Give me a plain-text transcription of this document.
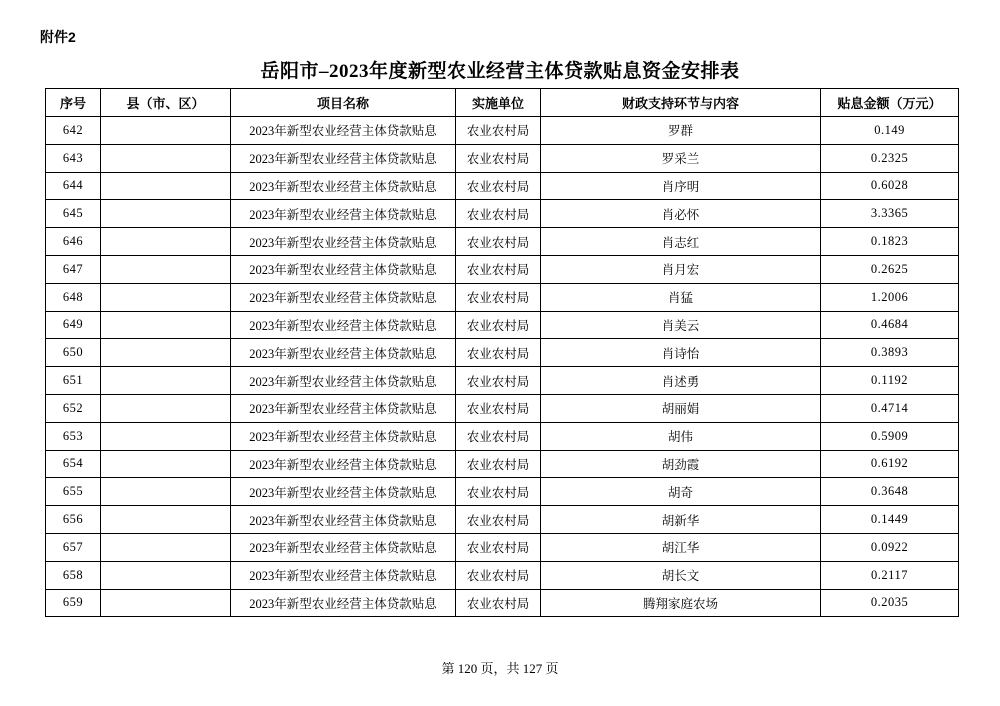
附件2
岳阳市–2023年度新型农业经营主体贷款贴息资金安排表
序号	县（市、区）	项目名称	实施单位	财政支持环节与内容	贴息金额（万元）
642		2023年新型农业经营主体贷款贴息	农业农村局	罗群	0.149
643		2023年新型农业经营主体贷款贴息	农业农村局	罗采兰	0.2325
644		2023年新型农业经营主体贷款贴息	农业农村局	肖序明	0.6028
645		2023年新型农业经营主体贷款贴息	农业农村局	肖必怀	3.3365
646		2023年新型农业经营主体贷款贴息	农业农村局	肖志红	0.1823
647		2023年新型农业经营主体贷款贴息	农业农村局	肖月宏	0.2625
648		2023年新型农业经营主体贷款贴息	农业农村局	肖猛	1.2006
649		2023年新型农业经营主体贷款贴息	农业农村局	肖美云	0.4684
650		2023年新型农业经营主体贷款贴息	农业农村局	肖诗怡	0.3893
651		2023年新型农业经营主体贷款贴息	农业农村局	肖述勇	0.1192
652		2023年新型农业经营主体贷款贴息	农业农村局	胡丽娟	0.4714
653		2023年新型农业经营主体贷款贴息	农业农村局	胡伟	0.5909
654		2023年新型农业经营主体贷款贴息	农业农村局	胡劲霞	0.6192
655		2023年新型农业经营主体贷款贴息	农业农村局	胡奇	0.3648
656		2023年新型农业经营主体贷款贴息	农业农村局	胡新华	0.1449
657		2023年新型农业经营主体贷款贴息	农业农村局	胡江华	0.0922
658		2023年新型农业经营主体贷款贴息	农业农村局	胡长文	0.2117
659		2023年新型农业经营主体贷款贴息	农业农村局	腾翔家庭农场	0.2035
第 120 页，共 127 页
